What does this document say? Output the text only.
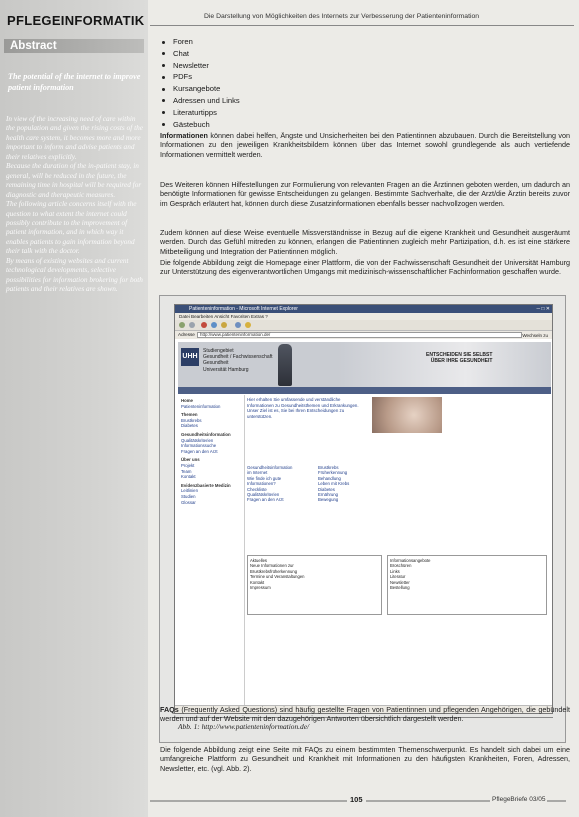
PFLEGEINFORMATIK
Abstract
The potential of the internet to improve patient information

In view of the increasing need of care within the population and given the rising costs of the health care system, it becomes more and more important to inform and advise patients and their relatives explicitly.

Because the duration of the in-patient stay, in general, will be reduced in the future, the remaining time in hospital will be required for diagnostic and therapeutic measures.

The following article concerns itself with the question to what extent the internet could possibly contribute to the improvement of patient information, and in which way it enables patients to gain information beyond their talk with the doctor.

By means of existing websites and current technological developments, selective possibilities for information brokering for both patients and their relatives are shown.

Die Darstellung von Möglichkeiten des Internets zur Verbesserung der Patienteninformation
Foren
Chat
Newsletter
PDFs
Kursangebote
Adressen und Links
Literaturtipps
Gästebuch

Informationen können dabei helfen, Ängste und Unsicherheiten bei den Patientinnen abzubauen. Durch die Bereitstellung von Informationen zu den jeweiligen Krankheitsbildern können über das Internet sowohl grundlegende als auch vertiefende Informationen vermittelt werden.

Des Weiteren können Hilfestellungen zur Formulierung von relevanten Fragen an die Ärztinnen geboten werden, um dadurch an benötigte Informationen für gewisse Entscheidungen zu gelangen. Bestimmte Sachverhalte, die der Arzt/die Ärztin bereits zuvor im Gespräch erläutert hat, können durch diese Zusatzinformationen ebenfalls besser nachvollzogen werden.

Zudem können auf diese Weise eventuelle Missverständnisse in Bezug auf die eigene Krankheit und Gesundheit ausgeräumt werden. Durch das Gefühl mitreden zu können, erlangen die Patientinnen zugleich mehr Partizipation, d.h. es ist eine stärkere Mitbeteiligung und Integration der Patientinnen möglich.

Die folgende Abbildung zeigt die Homepage einer Plattform, die von der Fachwissenschaft Gesundheit der Universität Hamburg zur Unterstützung des eigenverantwortlichen Umgangs mit medizinisch-wissenschaftlicher Fachinformation geschaffen wurde.

Patienteninformation - Microsoft Internet Explorer	─ □ ✕
Datei Bearbeiten Ansicht Favoriten Extras ?
Adresse	http://www.patienteninformation.de/	Wechseln zu
UHH
Studiengebiet
Gesundheit / Fachwissenschaft
Gesundheit
Universität Hamburg
ENTSCHEIDEN SIE SELBST
ÜBER IHRE GESUNDHEIT
Home
Patienteninformation
Themen
Brustkrebs
Diabetes
Gesundheitsinformation
Qualitätskriterien
Informationssuche
Fragen an den Arzt
Über uns
Projekt
Team
Kontakt
Evidenzbasierte Medizin
Leitlinien
Studien
Glossar
Hier erhalten Sie umfassende und verständliche Informationen zu Gesundheitsthemen und Erkrankungen. Unser Ziel ist es, Sie bei Ihren Entscheidungen zu unterstützen.
Gesundheitsinformation
im Internet
Wie finde ich gute
Informationen?
Checkliste
Qualitätskriterien
Fragen an den Arzt
Brustkrebs
Früherkennung
Behandlung
Leben mit Krebs
Diabetes
Ernährung
Bewegung
Aktuelles
Neue Informationen zur
Brustkrebsfrüherkennung
Termine und Veranstaltungen
Kontakt
Impressum
Informationsangebote
Broschüren
Links
Literatur
Newsletter
Bestellung
Abb. 1: http://www.patienteninformation.de/

FAQs (Frequently Asked Questions) sind häufig gestellte Fragen von Patientinnen und pflegenden Angehörigen, die gebündelt werden und auf der Website mit den dazugehörigen Antworten übersichtlich dargestellt werden.

Die folgende Abbildung zeigt eine Seite mit FAQs zu einem bestimmten Themenschwerpunkt. Es handelt sich dabei um eine umfangreiche Plattform zu Gesundheit und Krankheit mit Informationen zu den häufigsten Krankheiten, Foren, Adressen, Newsletter, etc. (vgl. Abb. 2).

105	PflegeBriefe 03/05
